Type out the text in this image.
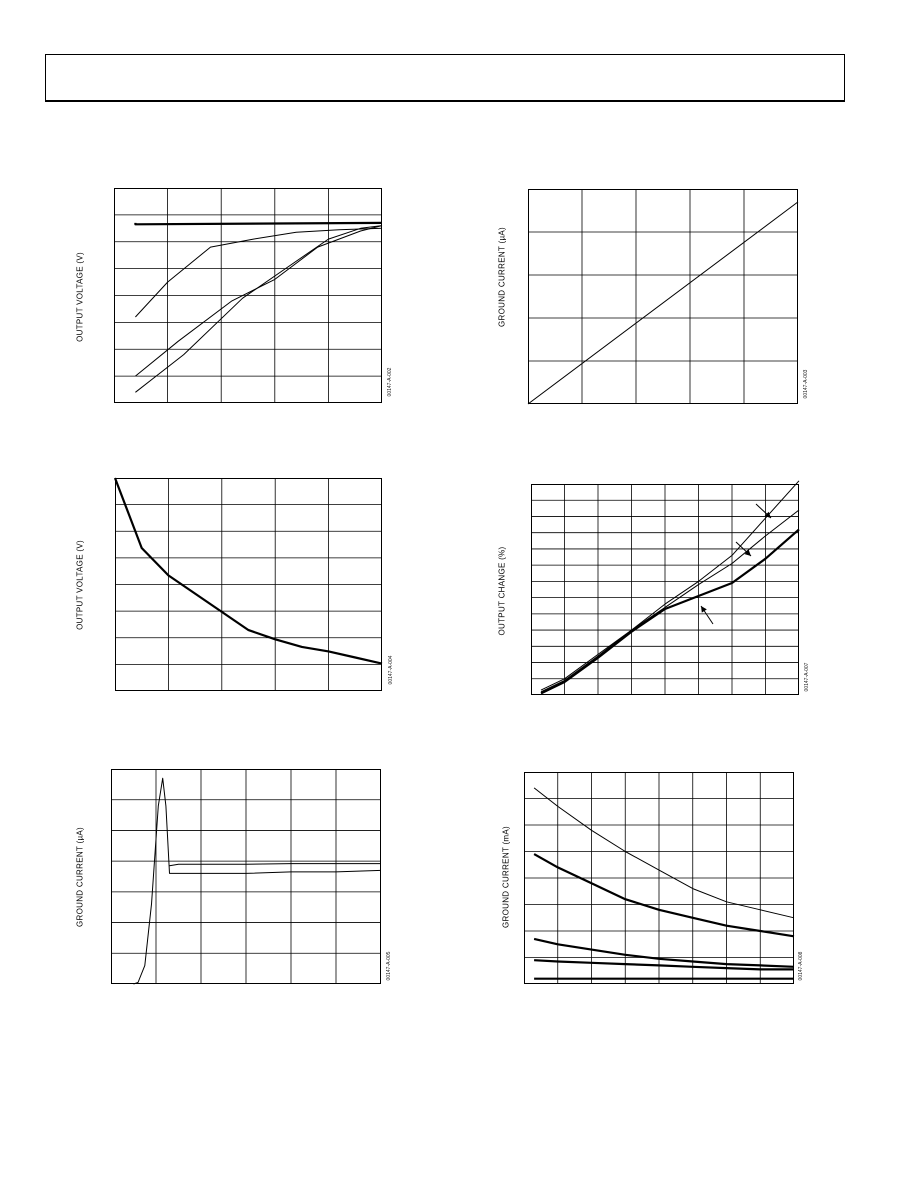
OUTPUT VOLTAGE (V)
00147-A-002
GROUND CURRENT (µA)
00147-A-003
OUTPUT VOLTAGE (V)
00147-A-004
OUTPUT CHANGE (%)
00147-A-007
GROUND CURRENT (µA)
00147-A-005
GROUND CURRENT (mA)
00147-A-008
